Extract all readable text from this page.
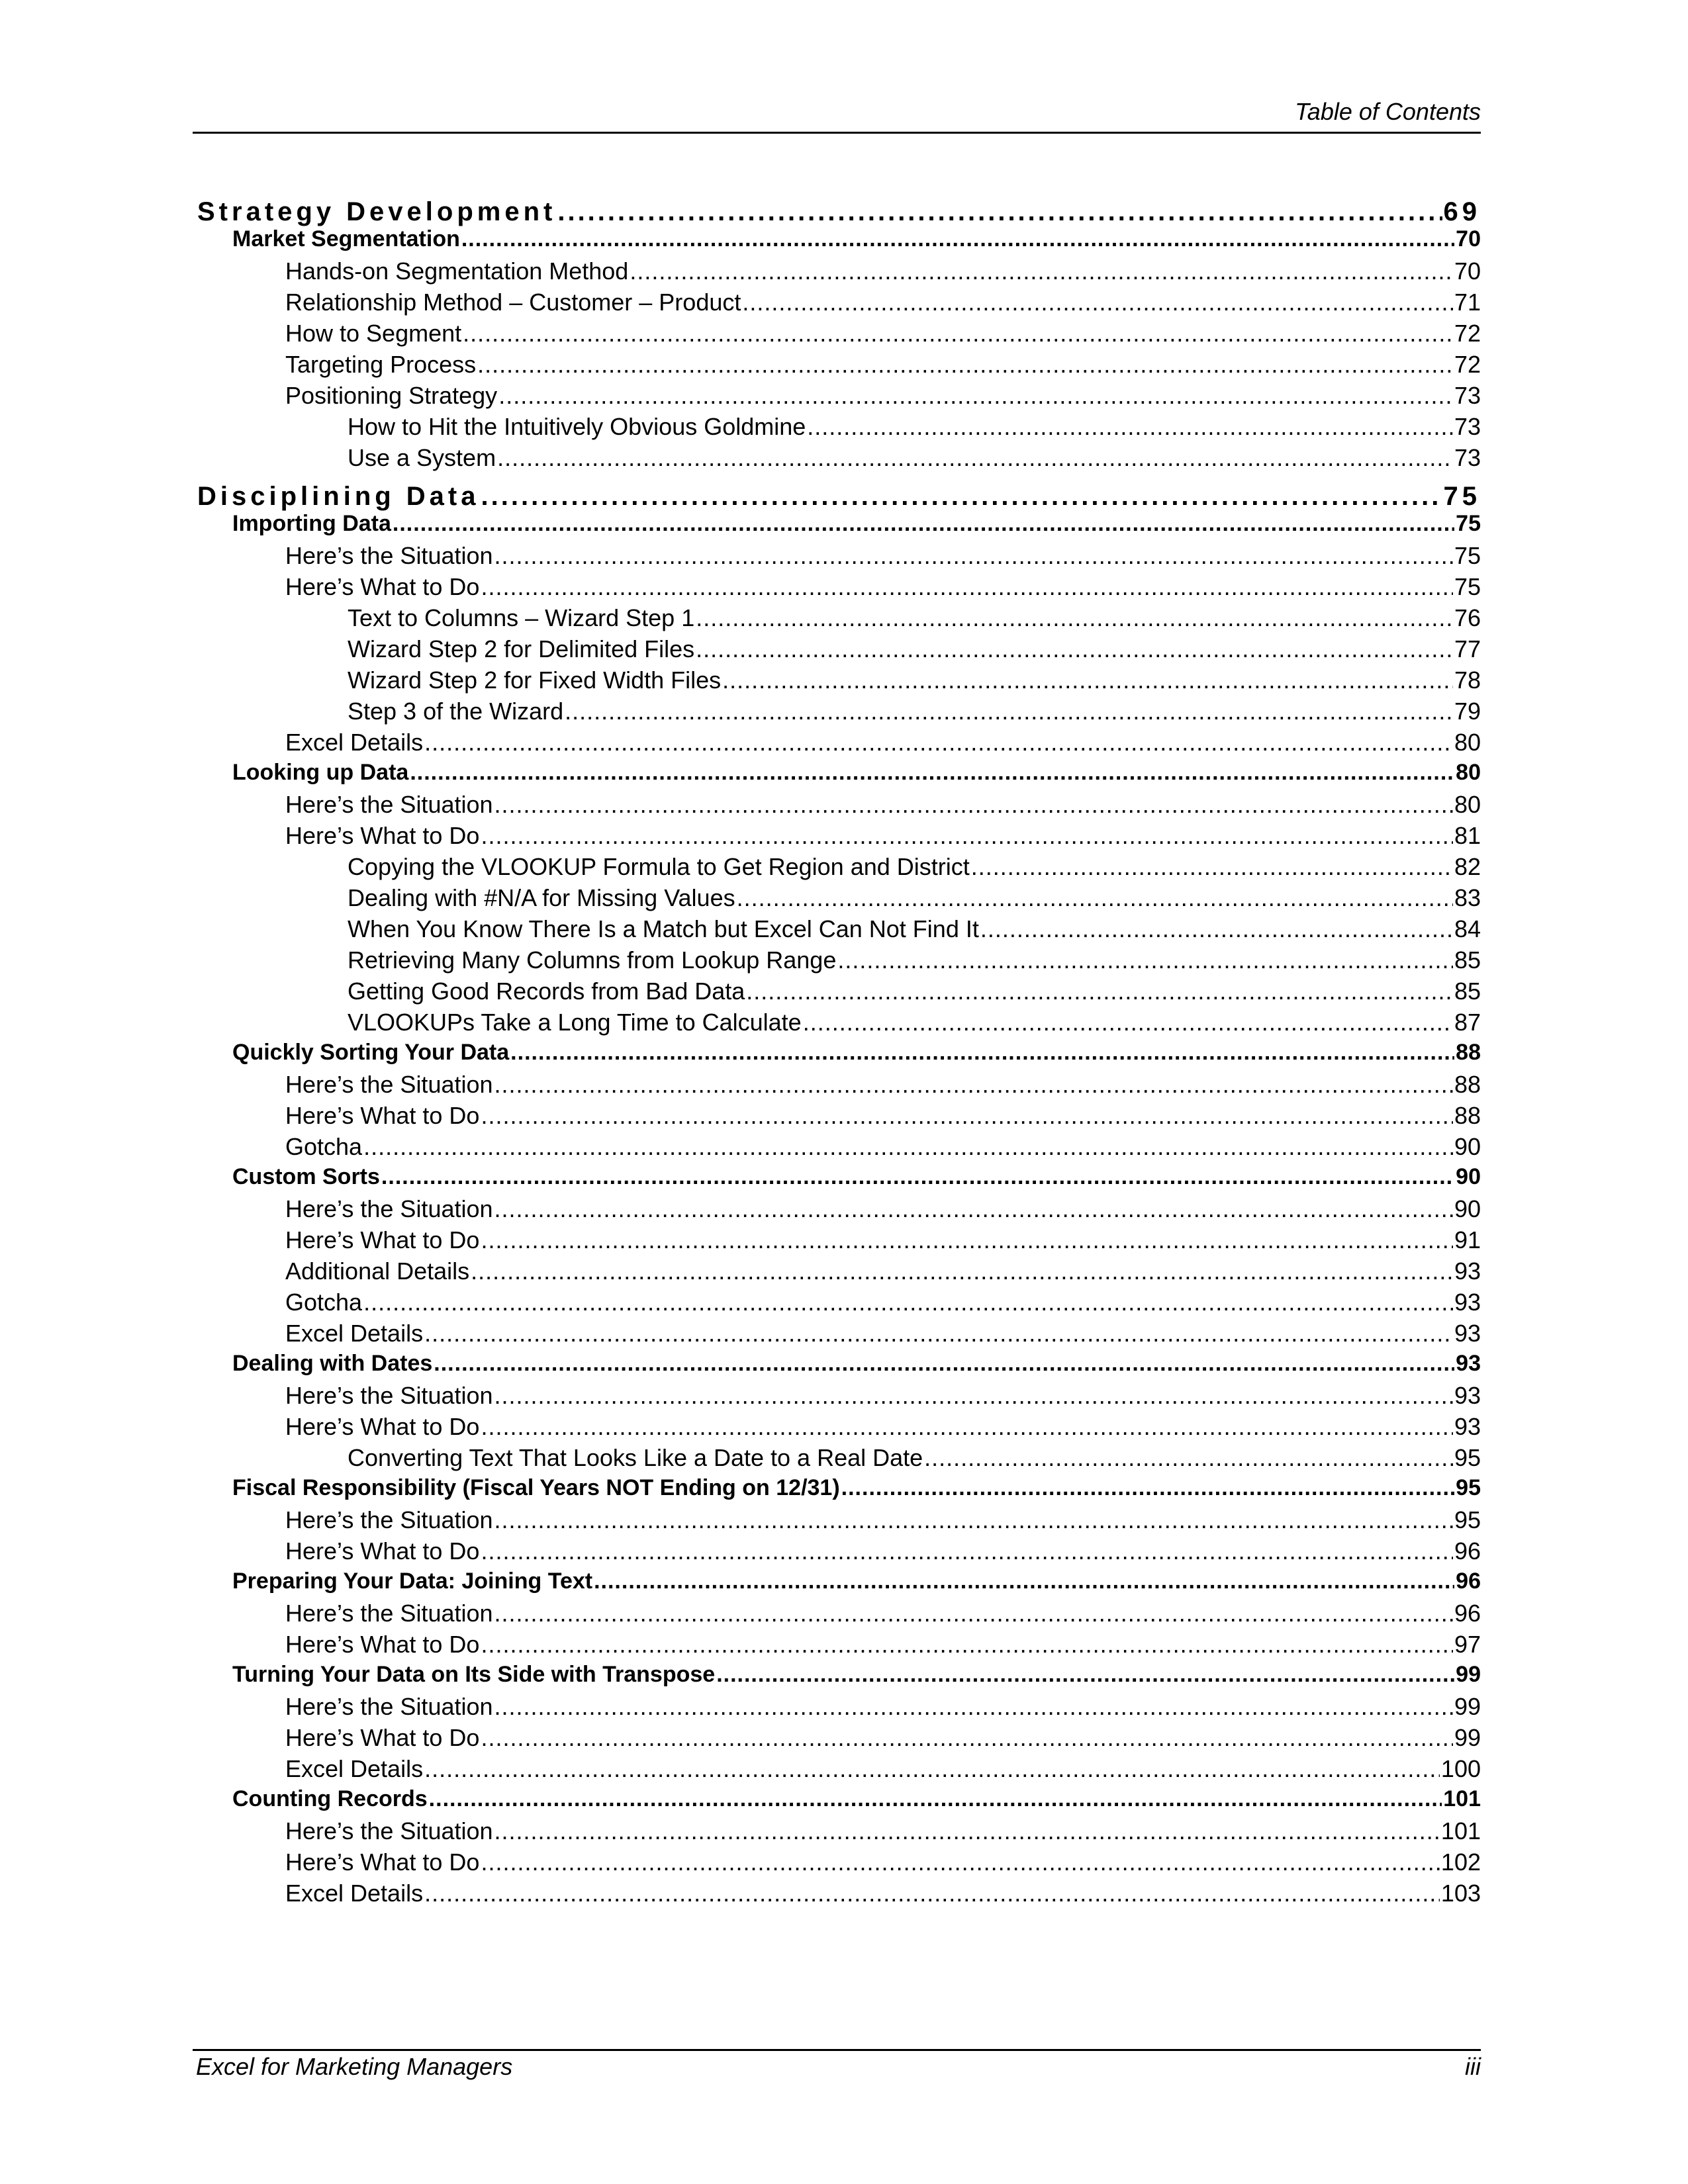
Table of Contents
Strategy Development .....	69
Market Segmentation .....	70
Hands-on Segmentation Method .....	70
Relationship Method – Customer – Product .....	71
How to Segment .....	72
Targeting Process .....	72
Positioning Strategy .....	73
How to Hit the Intuitively Obvious Goldmine .....	73
Use a System .....	73
Disciplining Data .....	75
Importing Data .....	75
Here’s the Situation .....	75
Here’s What to Do .....	75
Text to Columns – Wizard Step 1 .....	76
Wizard Step 2 for Delimited Files .....	77
Wizard Step 2 for Fixed Width Files .....	78
Step 3 of the Wizard .....	79
Excel Details .....	80
Looking up Data .....	80
Here’s the Situation .....	80
Here’s What to Do .....	81
Copying the VLOOKUP Formula to Get Region and District .....	82
Dealing with #N/A for Missing Values .....	83
When You Know There Is a Match but Excel Can Not Find It .....	84
Retrieving Many Columns from Lookup Range .....	85
Getting Good Records from Bad Data .....	85
VLOOKUPs Take a Long Time to Calculate .....	87
Quickly Sorting Your Data .....	88
Here’s the Situation .....	88
Here’s What to Do .....	88
Gotcha .....	90
Custom Sorts .....	90
Here’s the Situation .....	90
Here’s What to Do .....	91
Additional Details .....	93
Gotcha .....	93
Excel Details .....	93
Dealing with Dates .....	93
Here’s the Situation .....	93
Here’s What to Do .....	93
Converting Text That Looks Like a Date to a Real Date .....	95
Fiscal Responsibility (Fiscal Years NOT Ending on 12/31) .....	95
Here’s the Situation .....	95
Here’s What to Do .....	96
Preparing Your Data: Joining Text .....	96
Here’s the Situation .....	96
Here’s What to Do .....	97
Turning Your Data on Its Side with Transpose .....	99
Here’s the Situation .....	99
Here’s What to Do .....	99
Excel Details .....	100
Counting Records .....	101
Here’s the Situation .....	101
Here’s What to Do .....	102
Excel Details .....	103
Excel for Marketing Managers	iii
